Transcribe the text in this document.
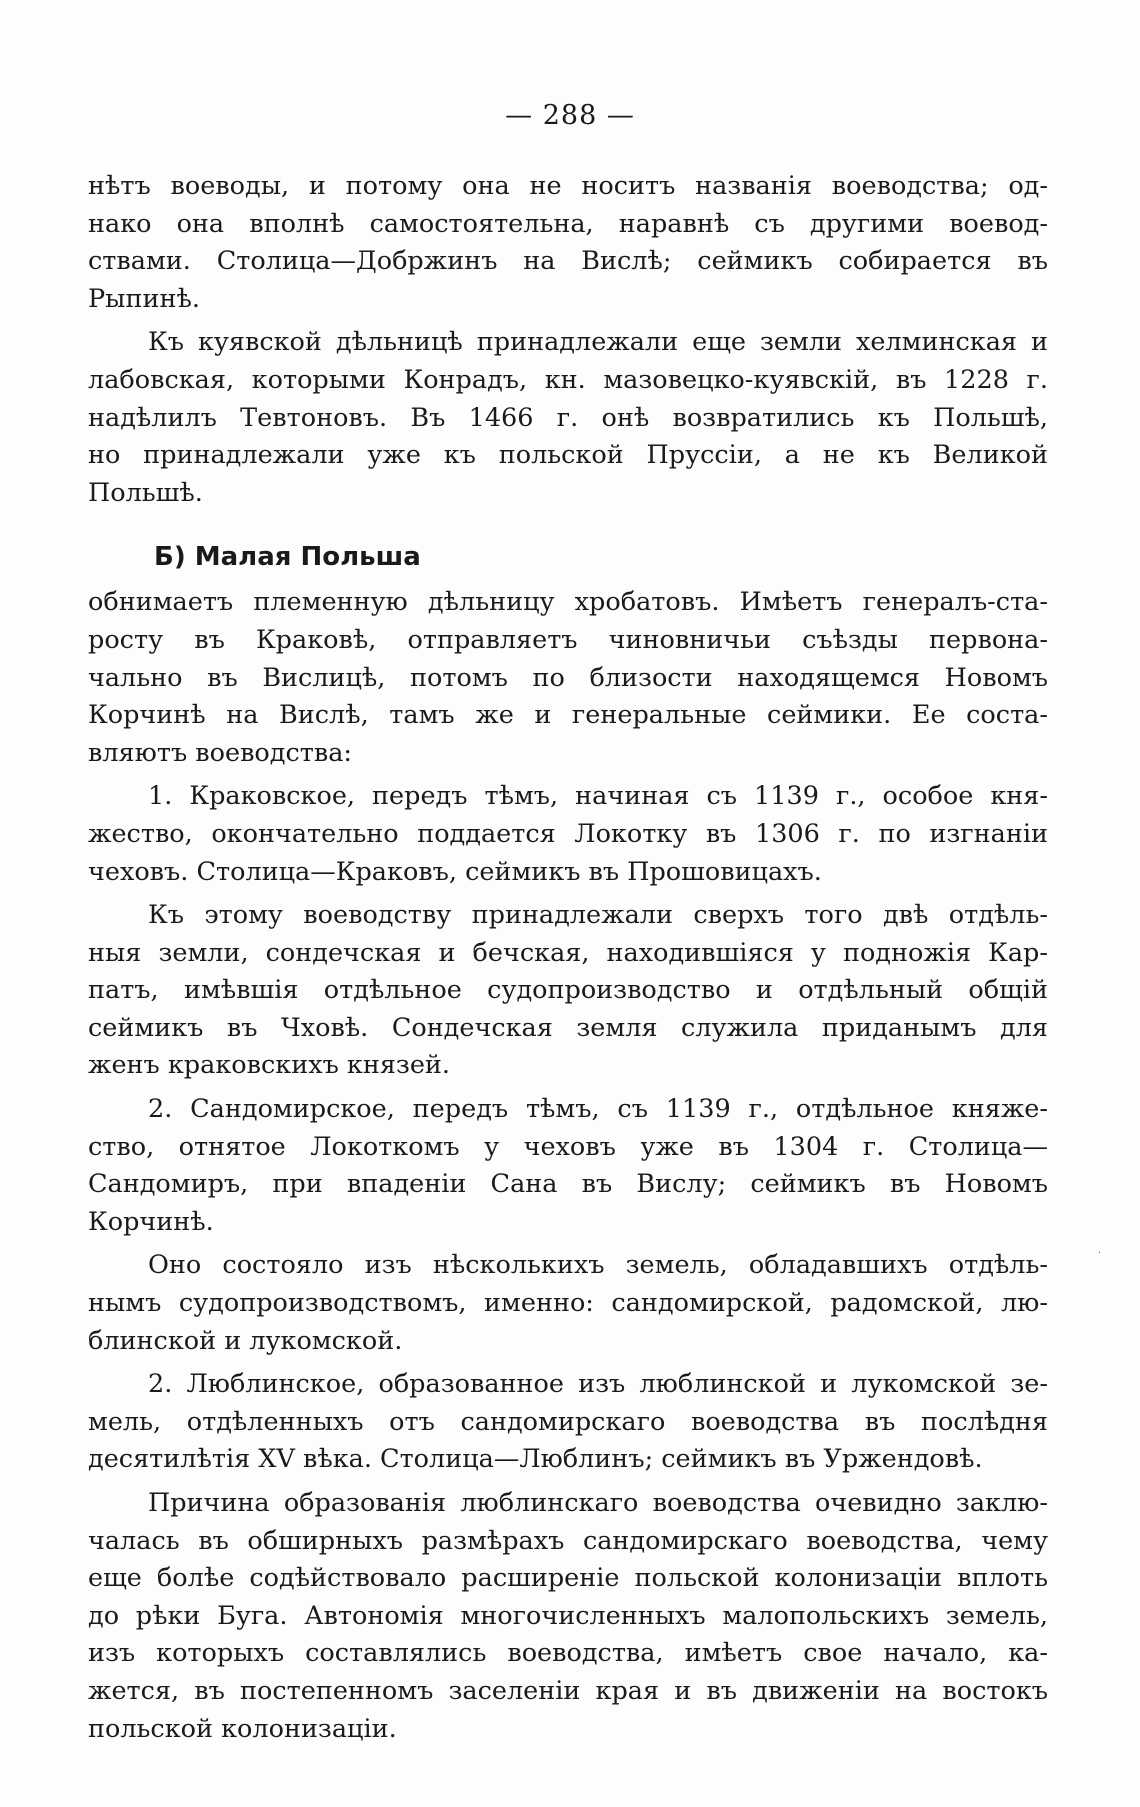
— 288 —
нѣтъ воеводы, и потому она не носитъ названія воеводства; од-
нако она вполнѣ самостоятельна, наравнѣ съ другими воевод-
ствами. Столица—Добржинъ на Вислѣ; сеймикъ собирается въ
Рыпинѣ.
Къ куявской дѣльницѣ принадлежали еще земли хелминская и
лабовская, которыми Конрадъ, кн. мазовецко-куявскій, въ 1228 г.
надѣлилъ Тевтоновъ. Въ 1466 г. онѣ возвратились къ Польшѣ,
но принадлежали уже къ польской Пруссіи, а не къ Великой
Польшѣ.
Б) Малая Польша
обнимаетъ племенную дѣльницу хробатовъ. Имѣетъ генералъ-ста-
росту въ Краковѣ, отправляетъ чиновничьи съѣзды первона-
чально въ Вислицѣ, потомъ по близости находящемся Новомъ
Корчинѣ на Вислѣ, тамъ же и генеральные сеймики. Ее соста-
вляютъ воеводства:
1. Краковское, передъ тѣмъ, начиная съ 1139 г., особое кня-
жество, окончательно поддается Локотку въ 1306 г. по изгнаніи
чеховъ. Столица—Краковъ, сеймикъ въ Прошовицахъ.
Къ этому воеводству принадлежали сверхъ того двѣ отдѣль-
ныя земли, сондечская и бечская, находившіяся у подножія Кар-
патъ, имѣвшія отдѣльное судопроизводство и отдѣльный общій
сеймикъ въ Чховѣ. Сондечская земля служила приданымъ для
женъ краковскихъ князей.
2. Сандомирское, передъ тѣмъ, съ 1139 г., отдѣльное княже-
ство, отнятое Локоткомъ у чеховъ уже въ 1304 г. Столица—
Сандомиръ, при впаденіи Сана въ Вислу; сеймикъ въ Новомъ
Корчинѣ.
Оно состояло изъ нѣсколькихъ земель, обладавшихъ отдѣль-
нымъ судопроизводствомъ, именно: сандомирской, радомской, лю-
блинской и лукомской.
2. Люблинское, образованное изъ люблинской и лукомской зе-
мель, отдѣленныхъ отъ сандомирскаго воеводства въ послѣдня
десятилѣтія XV вѣка. Столица—Люблинъ; сеймикъ въ Уржендовѣ.
Причина образованія люблинскаго воеводства очевидно заклю-
чалась въ обширныхъ размѣрахъ сандомирскаго воеводства, чему
еще болѣе содѣйствовало расширеніе польской колонизаціи вплоть
до рѣки Буга. Автономія многочисленныхъ малопольскихъ земель,
изъ которыхъ составлялись воеводства, имѣетъ свое начало, ка-
жется, въ постепенномъ заселеніи края и въ движеніи на востокъ
польской колонизаціи.
·
